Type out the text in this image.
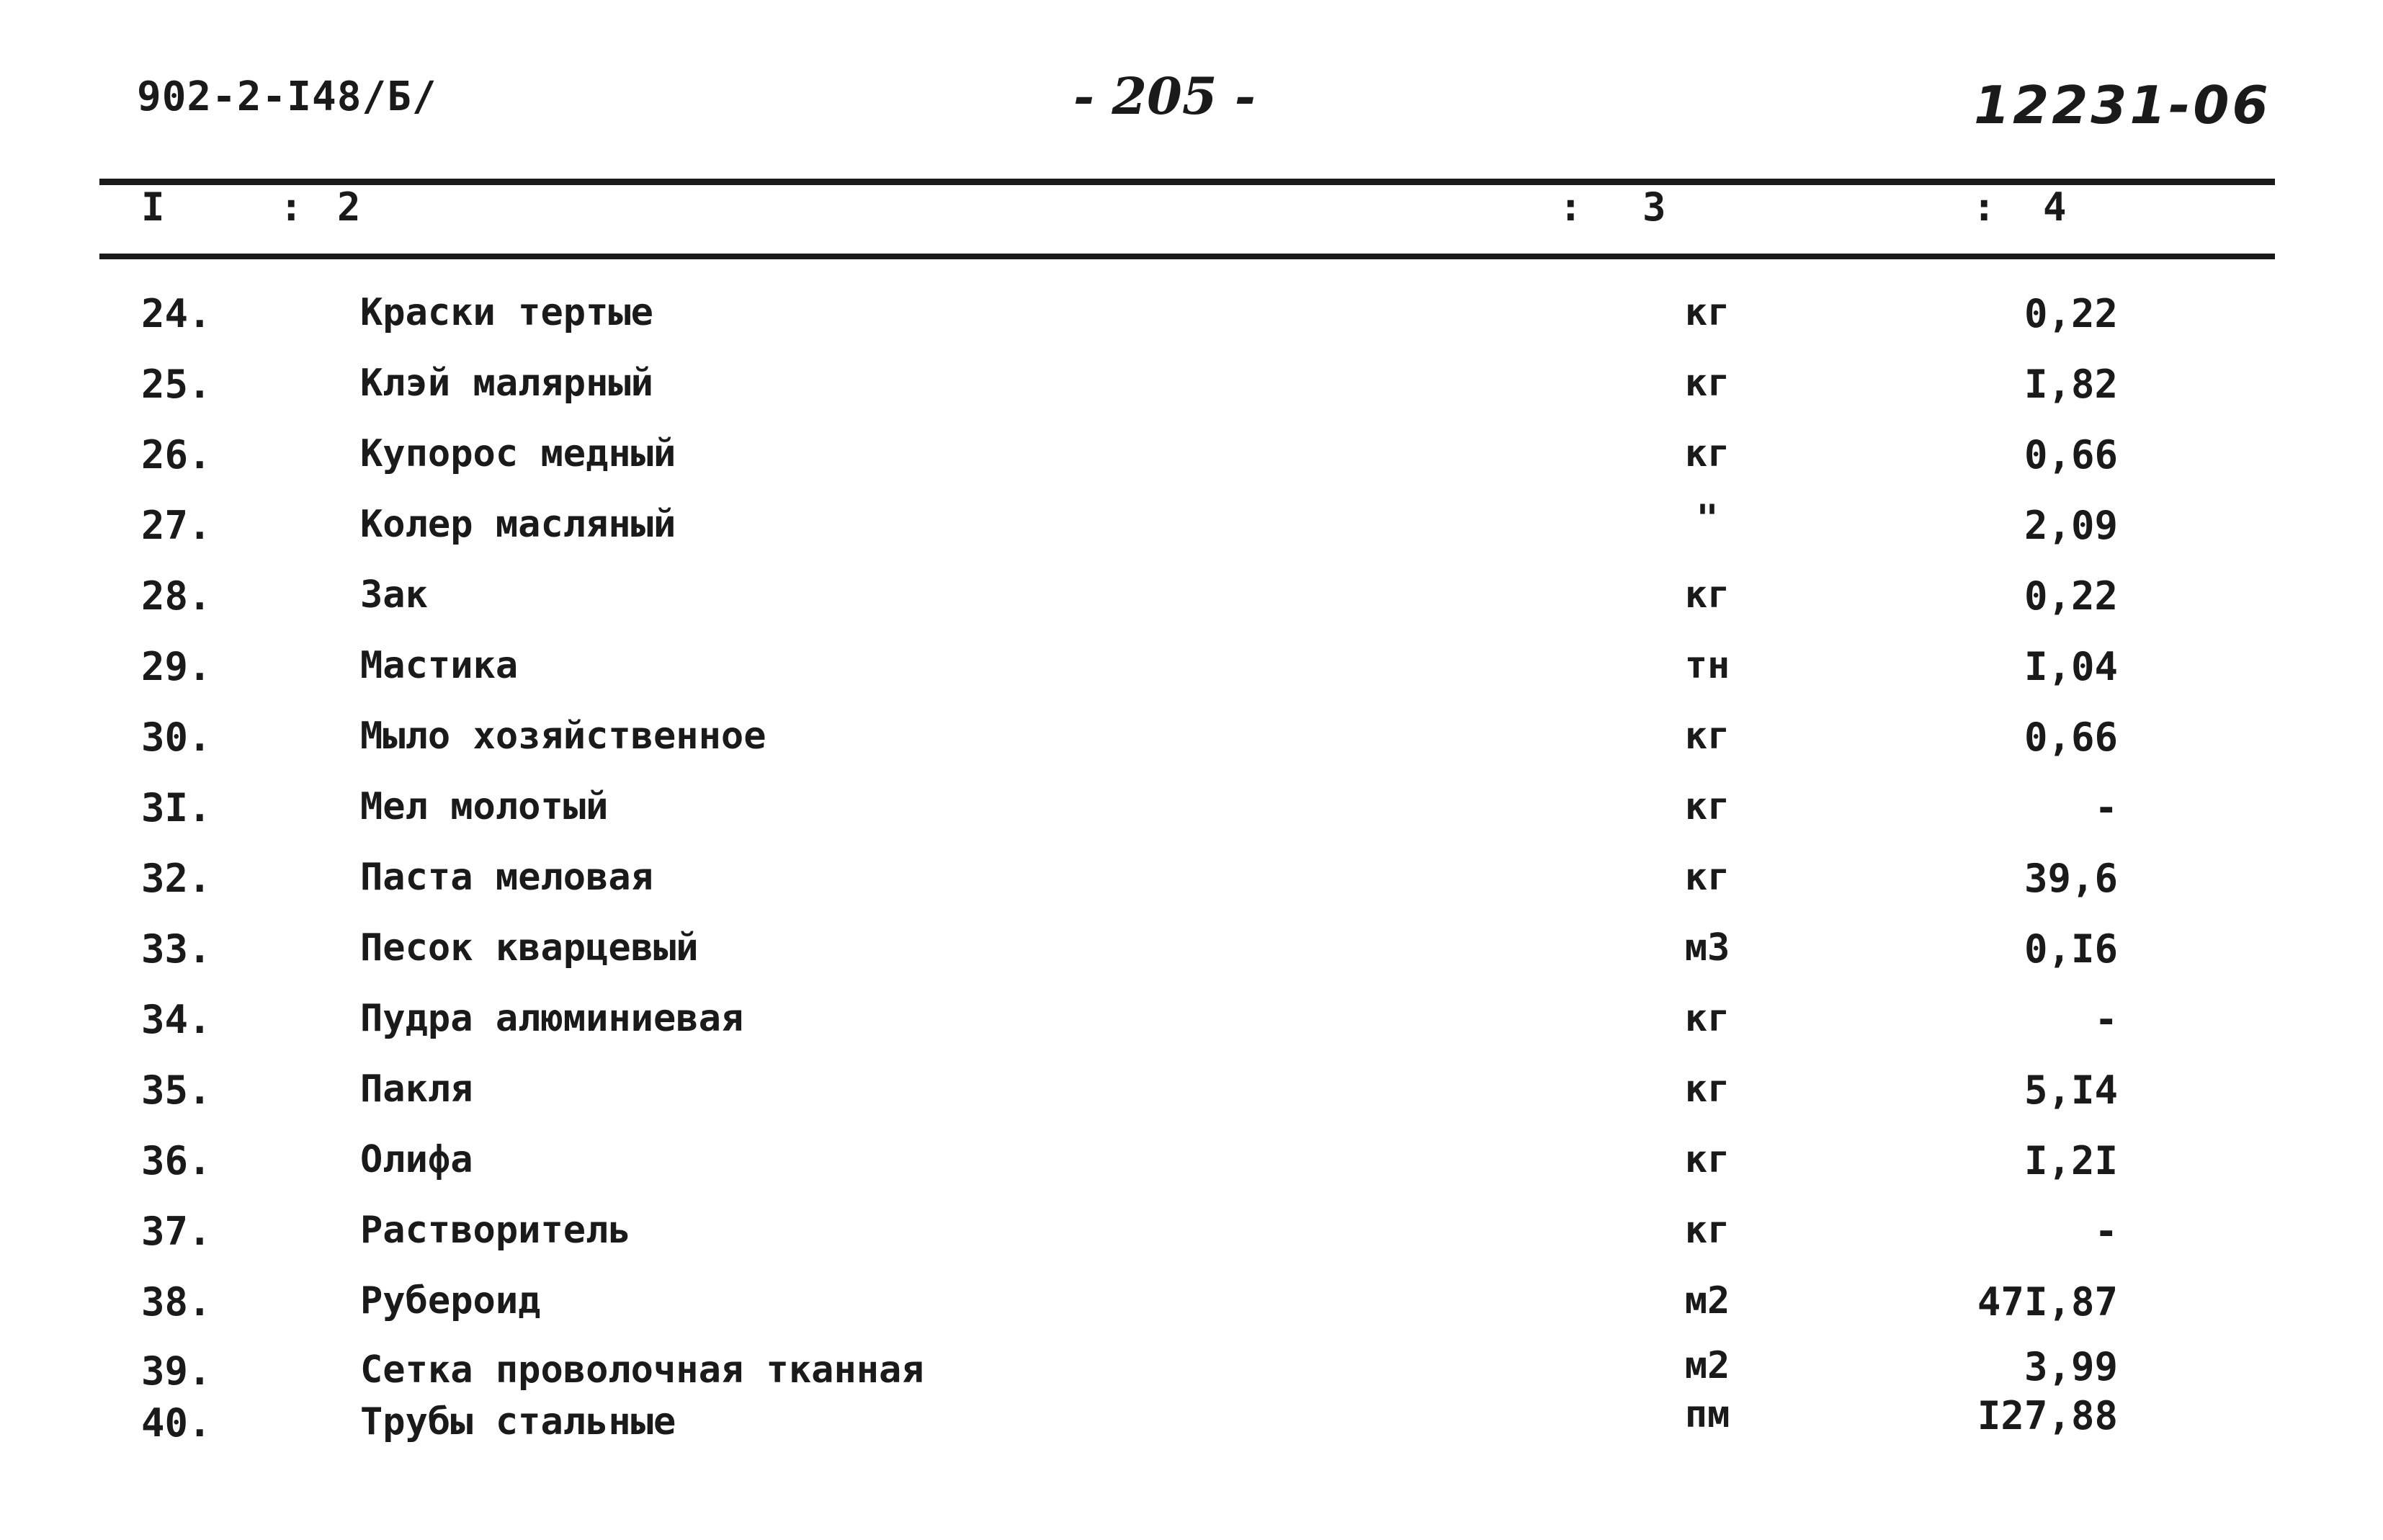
902-2-I48/Б/	- 205 -	12231-06
I	: 2	: 3	: 4
24.	Краски тертые	кг	0,22
25.	Клэй малярный	кг	I,82
26.	Купорос медный	кг	0,66
27.	Колер масляный	"	2,09
28.	Зак	кг	0,22
29.	Мастика	тн	I,04
30.	Мыло хозяйственное	кг	0,66
3I.	Мел молотый	кг	-
32.	Паста меловая	кг	39,6
33.	Песок кварцевый	м3	0,I6
34.	Пудра алюминиевая	кг	-
35.	Пакля	кг	5,I4
36.	Олифа	кг	I,2I
37.	Растворитель	кг	-
38.	Рубероид	м2	47I,87
39.	Сетка проволочная тканная	м2	3,99
40.	Трубы стальные	пм	I27,88
